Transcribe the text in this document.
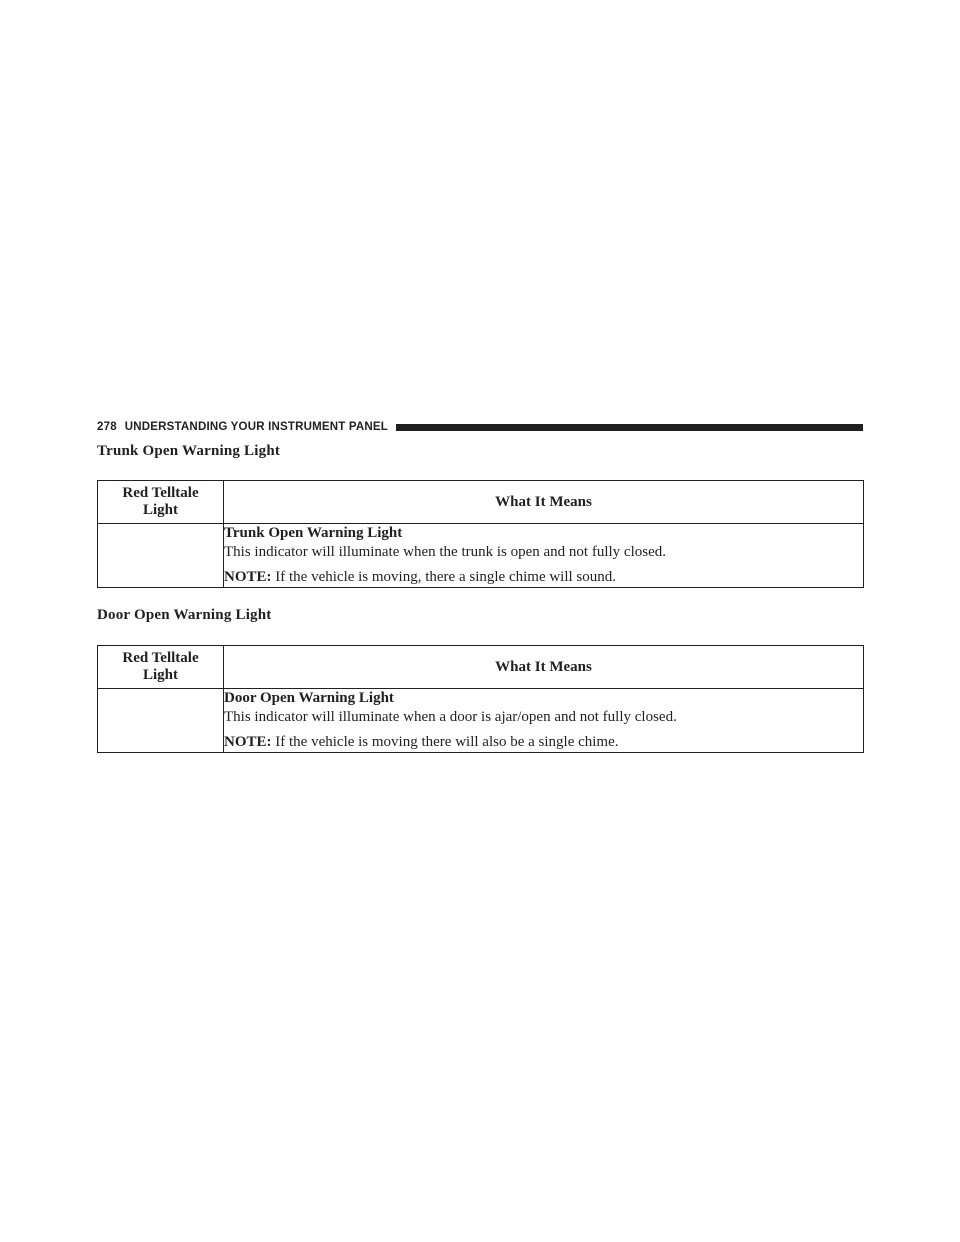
278 UNDERSTANDING YOUR INSTRUMENT PANEL
Trunk Open Warning Light
Red Telltale
Light	What It Means

	Trunk Open Warning Light
This indicator will illuminate when the trunk is open and not fully closed.
NOTE: If the vehicle is moving, there a single chime will sound.
Door Open Warning Light
Red Telltale
Light	What It Means

	Door Open Warning Light
This indicator will illuminate when a door is ajar/open and not fully closed.
NOTE: If the vehicle is moving there will also be a single chime.
